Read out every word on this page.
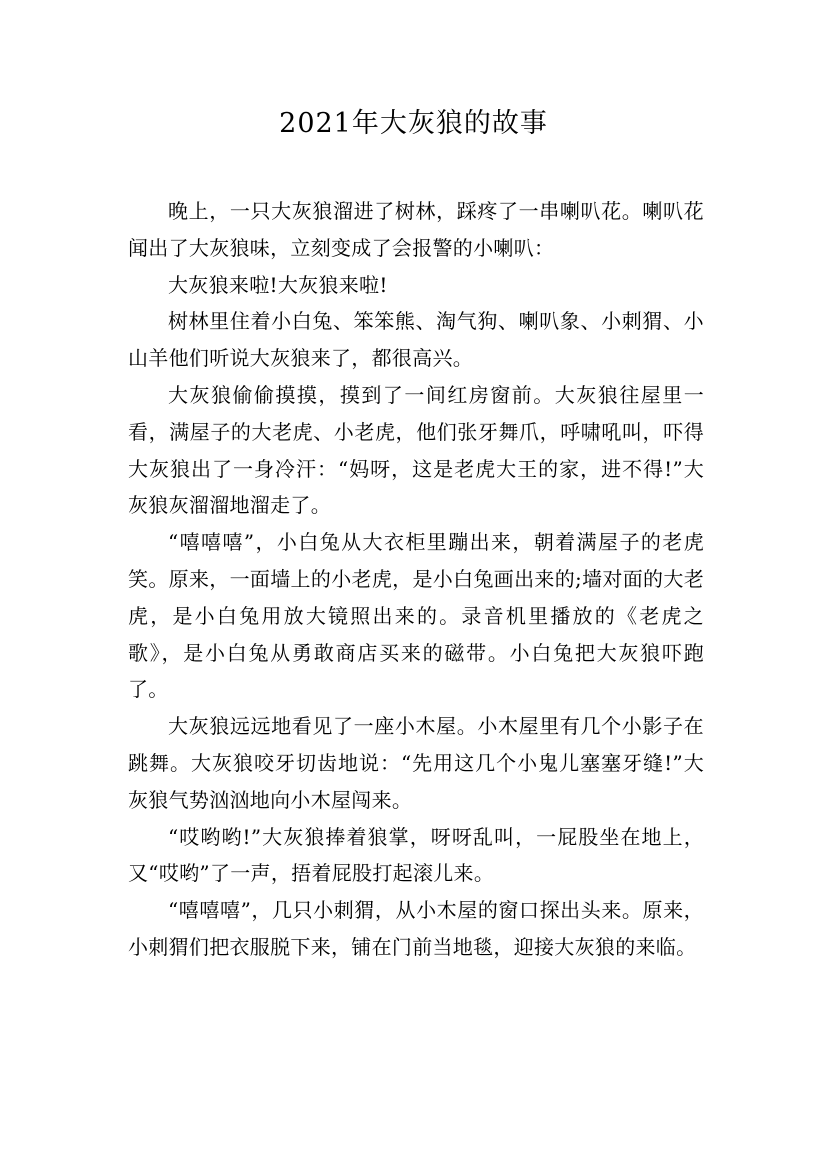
2021年大灰狼的故事

晚上，一只大灰狼溜进了树林，踩疼了一串喇叭花。喇叭花闻出了大灰狼味，立刻变成了会报警的小喇叭：

大灰狼来啦!大灰狼来啦!

树林里住着小白兔、笨笨熊、淘气狗、喇叭象、小刺猬、小山羊他们听说大灰狼来了，都很高兴。

大灰狼偷偷摸摸，摸到了一间红房窗前。大灰狼往屋里一看，满屋子的大老虎、小老虎，他们张牙舞爪，呼啸吼叫，吓得大灰狼出了一身冷汗：“妈呀，这是老虎大王的家，进不得!”大灰狼灰溜溜地溜走了。

“嘻嘻嘻”，小白兔从大衣柜里蹦出来，朝着满屋子的老虎笑。原来，一面墙上的小老虎，是小白兔画出来的;墙对面的大老虎，是小白兔用放大镜照出来的。录音机里播放的《老虎之歌》，是小白兔从勇敢商店买来的磁带。小白兔把大灰狼吓跑了。

大灰狼远远地看见了一座小木屋。小木屋里有几个小影子在跳舞。大灰狼咬牙切齿地说：“先用这几个小鬼儿塞塞牙缝!”大灰狼气势汹汹地向小木屋闯来。

“哎哟哟!”大灰狼捧着狼掌，呀呀乱叫，一屁股坐在地上，又“哎哟”了一声，捂着屁股打起滚儿来。

“嘻嘻嘻”，几只小刺猬，从小木屋的窗口探出头来。原来，小刺猬们把衣服脱下来，铺在门前当地毯，迎接大灰狼的来临。
